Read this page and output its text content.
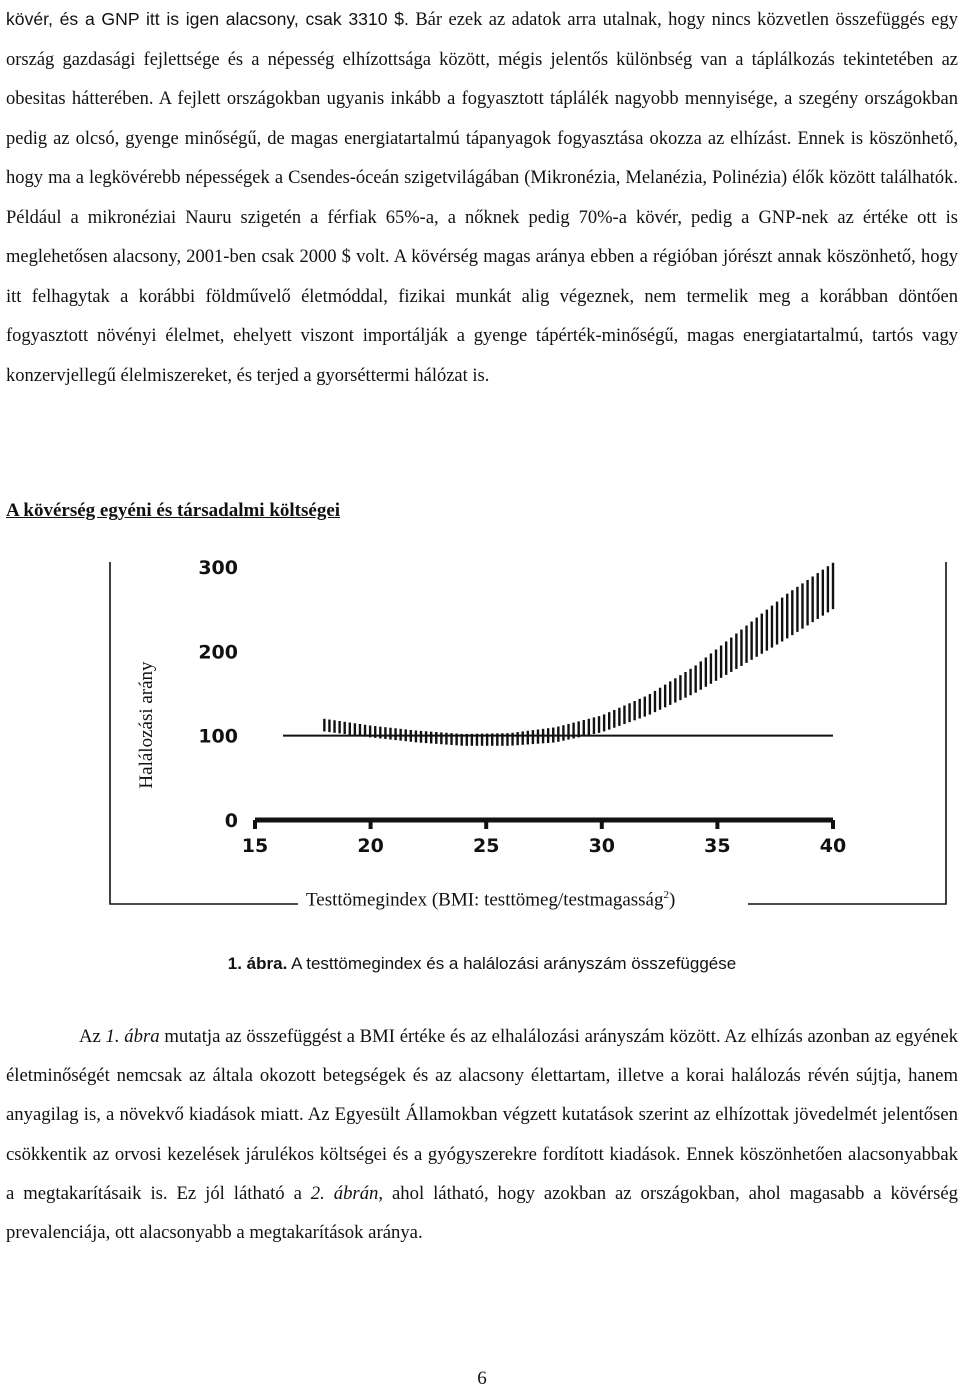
kövér, és a GNP itt is igen alacsony, csak 3310 $. Bár ezek az adatok arra utalnak, hogy nincs közvetlen összefüggés egy ország gazdasági fejlettsége és a népesség elhízottsága között, mégis jelentős különbség van a táplálkozás tekintetében az obesitas hátterében. A fejlett országokban ugyanis inkább a fogyasztott táplálék nagyobb mennyisége, a szegény országokban pedig az olcsó, gyenge minőségű, de magas energiatartalmú tápanyagok fogyasztása okozza az elhízást. Ennek is köszönhető, hogy ma a legkövérebb népességek a Csendes-óceán szigetvilágában (Mikronézia, Melanézia, Polinézia) élők között találhatók. Például a mikronéziai Nauru szigetén a férfiak 65%-a, a nőknek pedig 70%-a kövér, pedig a GNP-nek az értéke ott is meglehetősen alacsony, 2001-ben csak 2000 $ volt. A kövérség magas aránya ebben a régióban jórészt annak köszönhető, hogy itt felhagytak a korábbi földművelő életmóddal, fizikai munkát alig végeznek, nem termelik meg a korábban döntően fogyasztott növényi élelmet, ehelyett viszont importálják a gyenge tápérték-minőségű, magas energiatartalmú, tartós vagy konzervjellegű élelmiszereket, és terjed a gyorséttermi hálózat is.

A kövérség egyéni és társadalmi költségei
15	20	25	30	35	40
300
200
100
0
Halálozási arány
Testtömegindex (BMI: testtömeg/testmagasság$^2$)

1. ábra. A testtömegindex és a halálozási arányszám összefüggése

Az 1. ábra mutatja az összefüggést a BMI értéke és az elhalálozási arányszám között. Az elhízás azonban az egyének életminőségét nemcsak az általa okozott betegségek és az alacsony élettartam, illetve a korai halálozás révén sújtja, hanem anyagilag is, a növekvő kiadások miatt. Az Egyesült Államokban végzett kutatások szerint az elhízottak jövedelmét jelentősen csökkentik az orvosi kezelések járulékos költségei és a gyógyszerekre fordított kiadások. Ennek köszönhetően alacsonyabbak a megtakarításaik is. Ez jól látható a 2. ábrán, ahol látható, hogy azokban az országokban, ahol magasabb a kövérség prevalenciája, ott alacsonyabb a megtakarítások aránya.

6
